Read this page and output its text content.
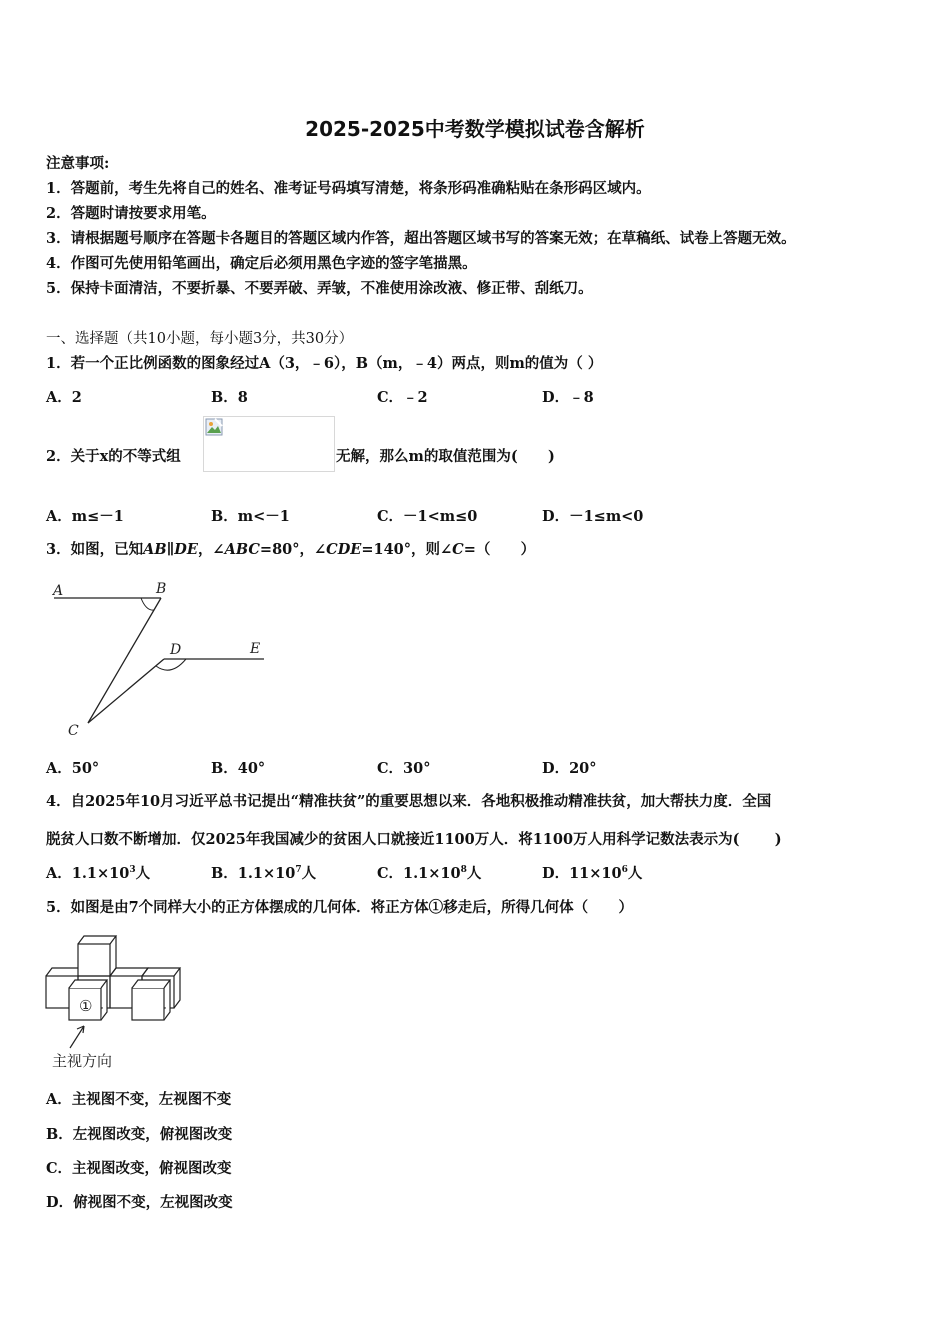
2025-2025中考数学模拟试卷含解析
注意事项:
1．答题前，考生先将自己的姓名、准考证号码填写清楚，将条形码准确粘贴在条形码区域内。
2．答题时请按要求用笔。
3．请根据题号顺序在答题卡各题目的答题区域内作答，超出答题区域书写的答案无效；在草稿纸、试卷上答题无效。
4．作图可先使用铅笔画出，确定后必须用黑色字迹的签字笔描黑。
5．保持卡面清洁，不要折暴、不要弄破、弄皱，不准使用涂改液、修正带、刮纸刀。
一、选择题（共10小题，每小题3分，共30分）
1．若一个正比例函数的图象经过A（3，﹣6），B（m，﹣4）两点，则m的值为（ ）
A．2	B．8	C．﹣2	D．﹣8
2．关于x的不等式组	无解，那么m的取值范围为(      )
A．m≤－1	B．m<－1	C．－1<m≤0	D．－1≤m<0
3．如图，已知AB∥DE，∠ABC=80°，∠CDE=140°，则∠C=（      ）
A	B
C
D	E
A．50°	B．40°	C．30°	D．20°
4．自2025年10月习近平总书记提出“精准扶贫”的重要思想以来．各地积极推动精准扶贫，加大帮扶力度．全国
脱贫人口数不断增加．仅2025年我国减少的贫困人口就接近1100万人．将1100万人用科学记数法表示为(       )
A．$1.1\times 10^3$人	B．$1.1\times 10^7$人	C．$1.1\times 10^8$人	D．$11\times 10^6$人
5．如图是由7个同样大小的正方体摆成的几何体．将正方体①移走后，所得几何体（      ）
①
主视方向
A．主视图不变，左视图不变
B．左视图改变，俯视图改变
C．主视图改变，俯视图改变
D．俯视图不变，左视图改变
